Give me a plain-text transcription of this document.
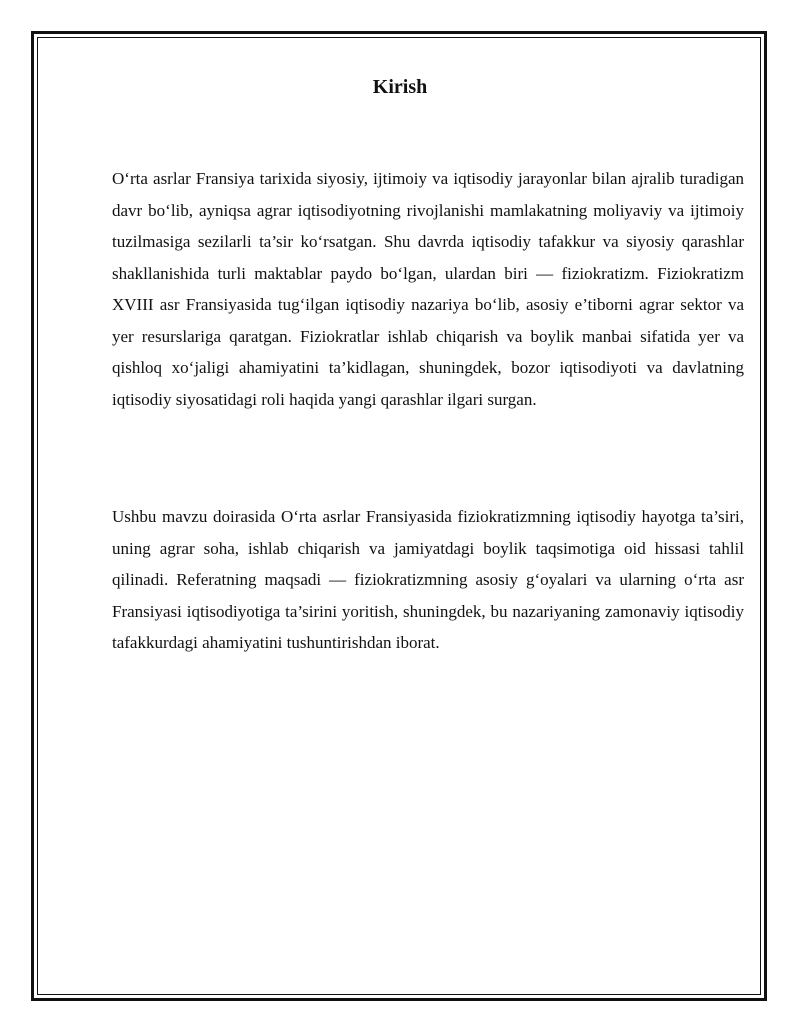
Kirish

O‘rta asrlar Fransiya tarixida siyosiy, ijtimoiy va iqtisodiy jarayonlar bilan ajralib turadigan davr bo‘lib, ayniqsa agrar iqtisodiyotning rivojlanishi mamlakatning moliyaviy va ijtimoiy tuzilmasiga sezilarli ta’sir ko‘rsatgan. Shu davrda iqtisodiy tafakkur va siyosiy qarashlar shakllanishida turli maktablar paydo bo‘lgan, ulardan biri — fiziokratizm. Fiziokratizm XVIII asr Fransiyasida tug‘ilgan iqtisodiy nazariya bo‘lib, asosiy e’tiborni agrar sektor va yer resurslariga qaratgan. Fiziokratlar ishlab chiqarish va boylik manbai sifatida yer va qishloq xo‘jaligi ahamiyatini ta’kidlagan, shuningdek, bozor iqtisodiyoti va davlatning iqtisodiy siyosatidagi roli haqida yangi qarashlar ilgari surgan.

Ushbu mavzu doirasida O‘rta asrlar Fransiyasida fiziokratizmning iqtisodiy hayotga ta’siri, uning agrar soha, ishlab chiqarish va jamiyatdagi boylik taqsimotiga oid hissasi tahlil qilinadi. Referatning maqsadi — fiziokratizmning asosiy g‘oyalari va ularning o‘rta asr Fransiyasi iqtisodiyotiga ta’sirini yoritish, shuningdek, bu nazariyaning zamonaviy iqtisodiy tafakkurdagi ahamiyatini tushuntirishdan iborat.
